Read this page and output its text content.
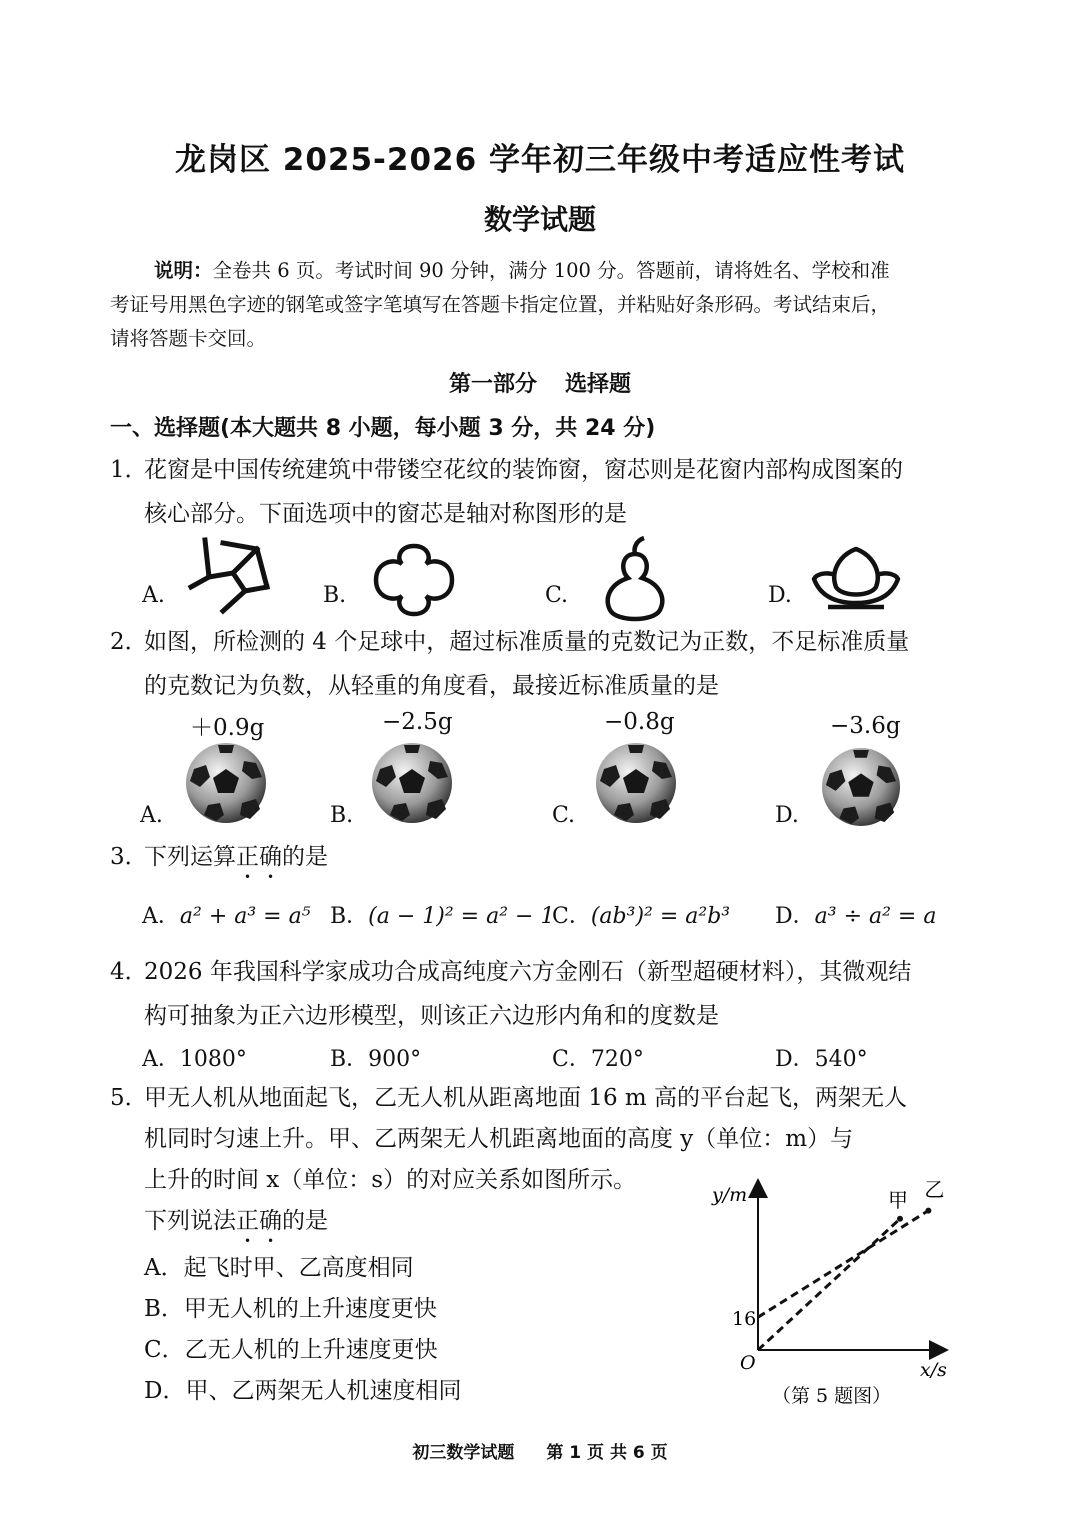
龙岗区 2025-2026 学年初三年级中考适应性考试
数学试题

说明：全卷共 6 页。考试时间 90 分钟，满分 100 分。答题前，请将姓名、学校和准

考证号用黑色字迹的钢笔或签字笔填写在答题卡指定位置，并粘贴好条形码。考试结束后，

请将答题卡交回。

第一部分 选择题
一、选择题(本大题共 8 小题，每小题 3 分，共 24 分)
1．花窗是中国传统建筑中带镂空花纹的装饰窗，窗芯则是花窗内部构成图案的
核心部分。下面选项中的窗芯是轴对称图形的是
A.	B.	C.	D.
2．如图，所检测的 4 个足球中，超过标准质量的克数记为正数，不足标准质量
的克数记为负数，从轻重的角度看，最接近标准质量的是
＋0.9g	−2.5g	−0.8g	−3.6g
A.	B.	C.	D.
3．下列运算正确的是
A．a² + a³ = a⁵ B．(a − 1)² = a² − 1
C．(ab³)² = a²b³ D．a³ ÷ a² = a
4．2026 年我国科学家成功合成高纯度六方金刚石（新型超硬材料），其微观结
构可抽象为正六边形模型，则该正六边形内角和的度数是
A．1080°	B．900°	C．720°	D．540°
5．甲无人机从地面起飞，乙无人机从距离地面 16 m 高的平台起飞，两架无人
机同时匀速上升。甲、乙两架无人机距离地面的高度 y（单位：m）与
上升的时间 x（单位：s）的对应关系如图所示。
下列说法正确的是
A．起飞时甲、乙高度相同
B．甲无人机的上升速度更快
C．乙无人机的上升速度更快
D．甲、乙两架无人机速度相同
y/m
x/s
O
16
甲 乙
（第 5 题图）
初三数学试题 第 1 页 共 6 页
